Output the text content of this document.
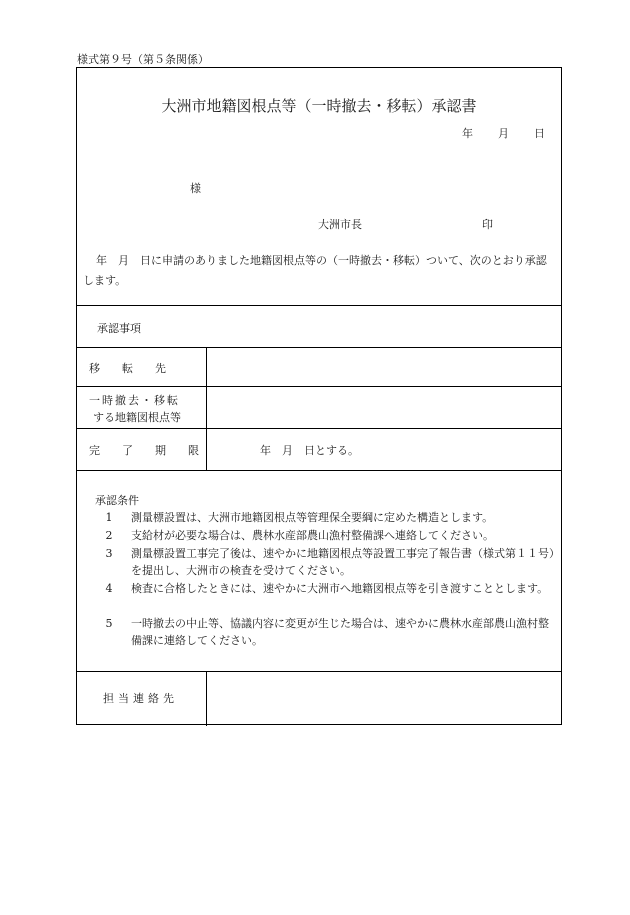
様式第９号（第５条関係）
大洲市地籍図根点等（一時撤去・移転）承認書
年 月 日
様
大洲市長	印
年　月　日に申請のありました地籍図根点等の（一時撤去・移転）ついて、次のとおり承認します。
承認事項
移　　転　　先
一時撤去・移転
する地籍図根点等
完　　了　　期　　限	年　月　日とする。
承認条件
1	測量標設置は、大洲市地籍図根点等管理保全要綱に定めた構造とします。
2	支給材が必要な場合は、農林水産部農山漁村整備課へ連絡してください。
3	測量標設置工事完了後は、速やかに地籍図根点等設置工事完了報告書（様式第１１号）を提出し、大洲市の検査を受けてください。
4	検査に合格したときには、速やかに大洲市へ地籍図根点等を引き渡すこととします。
5	一時撤去の中止等、協議内容に変更が生じた場合は、速やかに農林水産部農山漁村整備課に連絡してください。
担当連絡先
